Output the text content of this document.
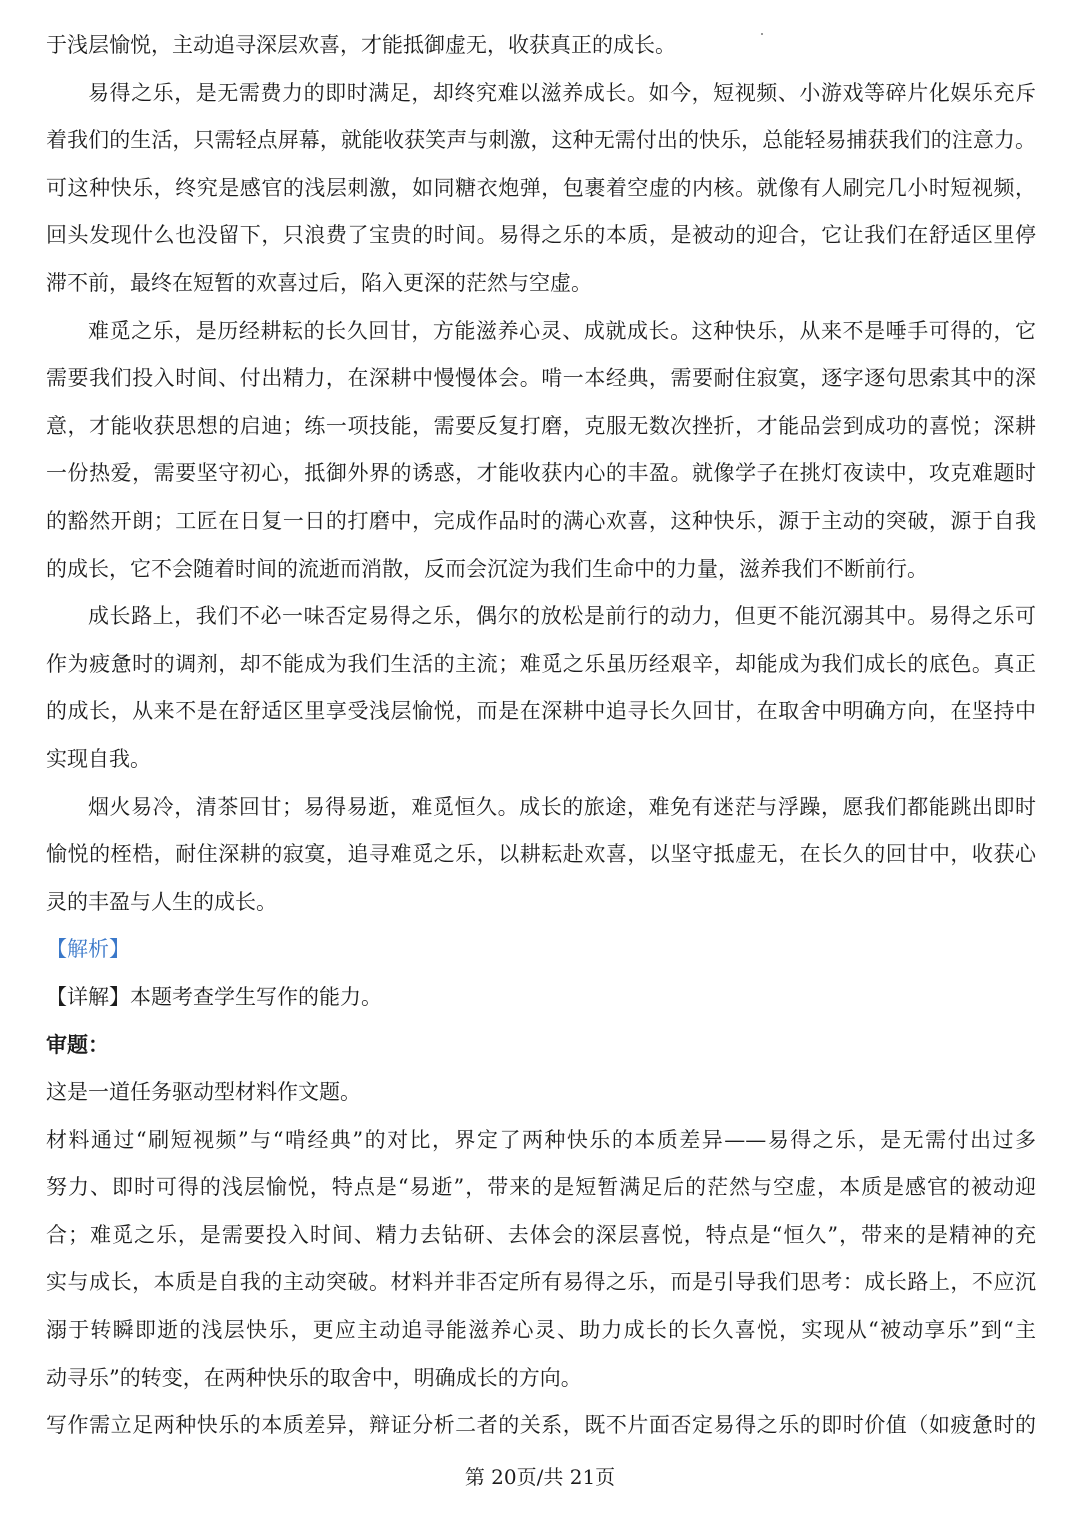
于浅层愉悦，主动追寻深层欢喜，才能抵御虚无，收获真正的成长。
易得之乐，是无需费力的即时满足，却终究难以滋养成长。如今，短视频、小游戏等碎片化娱乐充斥
着我们的生活，只需轻点屏幕，就能收获笑声与刺激，这种无需付出的快乐，总能轻易捕获我们的注意力。
可这种快乐，终究是感官的浅层刺激，如同糖衣炮弹，包裹着空虚的内核。就像有人刷完几小时短视频，
回头发现什么也没留下，只浪费了宝贵的时间。易得之乐的本质，是被动的迎合，它让我们在舒适区里停
滞不前，最终在短暂的欢喜过后，陷入更深的茫然与空虚。
难觅之乐，是历经耕耘的长久回甘，方能滋养心灵、成就成长。这种快乐，从来不是唾手可得的，它
需要我们投入时间、付出精力，在深耕中慢慢体会。啃一本经典，需要耐住寂寞，逐字逐句思索其中的深
意，才能收获思想的启迪；练一项技能，需要反复打磨，克服无数次挫折，才能品尝到成功的喜悦；深耕
一份热爱，需要坚守初心，抵御外界的诱惑，才能收获内心的丰盈。就像学子在挑灯夜读中，攻克难题时
的豁然开朗；工匠在日复一日的打磨中，完成作品时的满心欢喜，这种快乐，源于主动的突破，源于自我
的成长，它不会随着时间的流逝而消散，反而会沉淀为我们生命中的力量，滋养我们不断前行。
成长路上，我们不必一味否定易得之乐，偶尔的放松是前行的动力，但更不能沉溺其中。易得之乐可
作为疲惫时的调剂，却不能成为我们生活的主流；难觅之乐虽历经艰辛，却能成为我们成长的底色。真正
的成长，从来不是在舒适区里享受浅层愉悦，而是在深耕中追寻长久回甘，在取舍中明确方向，在坚持中
实现自我。
烟火易冷，清茶回甘；易得易逝，难觅恒久。成长的旅途，难免有迷茫与浮躁，愿我们都能跳出即时
愉悦的桎梏，耐住深耕的寂寞，追寻难觅之乐，以耕耘赴欢喜，以坚守抵虚无，在长久的回甘中，收获心
灵的丰盈与人生的成长。
【解析】
【详解】本题考查学生写作的能力。
审题：
这是一道任务驱动型材料作文题。
材料通过“刷短视频”与“啃经典”的对比，界定了两种快乐的本质差异——易得之乐，是无需付出过多
努力、即时可得的浅层愉悦，特点是“易逝”，带来的是短暂满足后的茫然与空虚，本质是感官的被动迎
合；难觅之乐，是需要投入时间、精力去钻研、去体会的深层喜悦，特点是“恒久”，带来的是精神的充
实与成长，本质是自我的主动突破。材料并非否定所有易得之乐，而是引导我们思考：成长路上，不应沉
溺于转瞬即逝的浅层快乐，更应主动追寻能滋养心灵、助力成长的长久喜悦，实现从“被动享乐”到“主
动寻乐”的转变，在两种快乐的取舍中，明确成长的方向。
写作需立足两种快乐的本质差异，辩证分析二者的关系，既不片面否定易得之乐的即时价值（如疲惫时的
第 20页/共 21页
